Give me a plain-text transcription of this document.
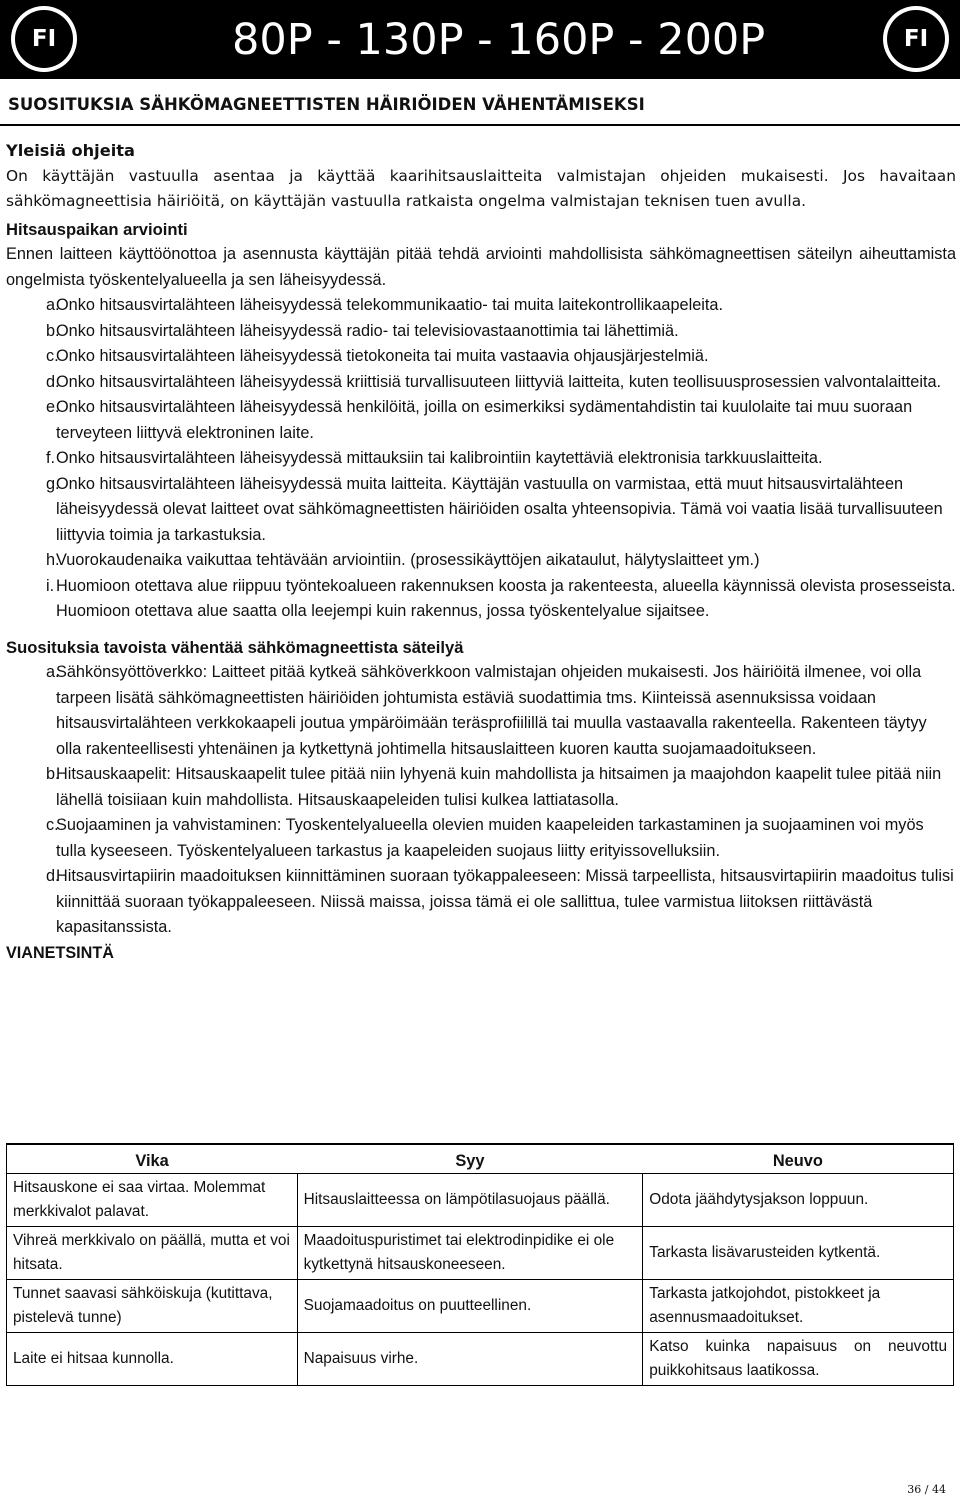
FI	80P - 130P - 160P - 200P	FI
SUOSITUKSIA SÄHKÖMAGNEETTISTEN HÄIRIÖIDEN VÄHENTÄMISEKSI

Yleisiä ohjeita

On käyttäjän vastuulla asentaa ja käyttää kaarihitsauslaitteita valmistajan ohjeiden mukaisesti. Jos havaitaan sähkömagneettisia häiriöitä, on käyttäjän vastuulla ratkaista ongelma valmistajan teknisen tuen avulla.

Hitsauspaikan arviointi

Ennen laitteen käyttöönottoa ja asennusta käyttäjän pitää tehdä arviointi mahdollisista sähkömagneettisen säteilyn aiheuttamista ongelmista työskentelyalueella ja sen läheisyydessä.

a.
Onko hitsausvirtalähteen läheisyydessä telekommunikaatio- tai muita laitekontrollikaapeleita.
b.
Onko hitsausvirtalähteen läheisyydessä radio- tai televisiovastaanottimia tai lähettimiä.
c.
Onko hitsausvirtalähteen läheisyydessä tietokoneita tai muita vastaavia ohjausjärjestelmiä.
d.
Onko hitsausvirtalähteen läheisyydessä kriittisiä turvallisuuteen liittyviä laitteita, kuten teollisuusprosessien valvontalaitteita.
e.
Onko hitsausvirtalähteen läheisyydessä henkilöitä, joilla on esimerkiksi sydämentahdistin tai kuulolaite tai muu suoraan terveyteen liittyvä elektroninen laite.
f. Onko hitsausvirtalähteen läheisyydessä mittauksiin tai kalibrointiin kaytettäviä elektronisia tarkkuuslaitteita.
g.
Onko hitsausvirtalähteen läheisyydessä muita laitteita. Käyttäjän vastuulla on varmistaa, että muut hitsausvirtalähteen läheisyydessä olevat laitteet ovat sähkömagneettisten häiriöiden osalta yhteensopivia. Tämä voi vaatia lisää turvallisuuteen liittyvia toimia ja tarkastuksia.
h.
Vuorokaudenaika vaikuttaa tehtävään arviointiin. (prosessikäyttöjen aikataulut, hälytyslaitteet ym.)
i. Huomioon otettava alue riippuu työntekoalueen rakennuksen koosta ja rakenteesta, alueella käynnissä olevista prosesseista. Huomioon otettava alue saatta olla leejempi kuin rakennus, jossa työskentelyalue sijaitsee.

Suosituksia tavoista vähentää sähkömagneettista säteilyä

a.
Sähkönsyöttöverkko: Laitteet pitää kytkeä sähköverkkoon valmistajan ohjeiden mukaisesti. Jos häiriöitä ilmenee, voi olla tarpeen lisätä sähkömagneettisten häiriöiden johtumista estäviä suodattimia tms. Kiinteissä asennuksissa voidaan hitsausvirtalähteen verkkokaapeli joutua ympäröimään teräsprofiilillä tai muulla vastaavalla rakenteella. Rakenteen täytyy olla rakenteellisesti yhtenäinen ja kytkettynä johtimella hitsauslaitteen kuoren kautta suojamaadoitukseen.
b.
Hitsauskaapelit: Hitsauskaapelit tulee pitää niin lyhyenä kuin mahdollista ja hitsaimen ja maajohdon kaapelit tulee pitää niin lähellä toisiiaan kuin mahdollista. Hitsauskaapeleiden tulisi kulkea lattiatasolla.
c.
Suojaaminen ja vahvistaminen: Tyoskentelyalueella olevien muiden kaapeleiden tarkastaminen ja suojaaminen voi myös tulla kyseeseen. Työskentelyalueen tarkastus ja kaapeleiden suojaus liitty erityissovelluksiin.
d.
Hitsausvirtapiirin maadoituksen kiinnittäminen suoraan työkappaleeseen: Missä tarpeellista, hitsausvirtapiirin maadoitus tulisi kiinnittää suoraan työkappaleeseen. Niissä maissa, joissa tämä ei ole sallittua, tulee varmistua liitoksen riittävästä kapasitanssista.

VIANETSINTÄ

Vika	Syy	Neuvo
Hitsauskone ei saa virtaa. Molemmat merkkivalot palavat.	Hitsauslaitteessa on lämpötilasuojaus päällä.	Odota jäähdytysjakson loppuun.
Vihreä merkkivalo on päällä, mutta et voi hitsata.	Maadoituspuristimet tai elektrodinpidike ei ole kytkettynä hitsauskoneeseen.	Tarkasta lisävarusteiden kytkentä.
Tunnet saavasi sähköiskuja (kutittava, pistelevä tunne)	Suojamaadoitus on puutteellinen.	Tarkasta jatkojohdot, pistokkeet ja asennusmaadoitukset.
Laite ei hitsaa kunnolla.	Napaisuus virhe.	Katso kuinka napaisuus on neuvottu puikkohitsaus laatikossa.
36 / 44
